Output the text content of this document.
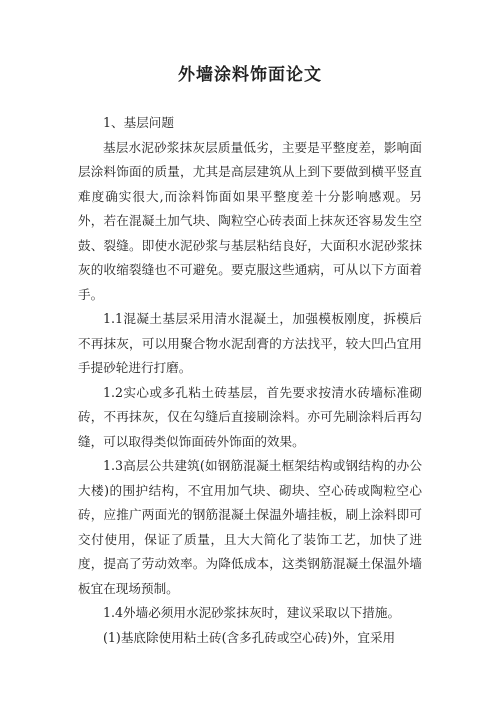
外墙涂料饰面论文

1、基层问题

基层水泥砂浆抹灰层质量低劣，主要是平整度差，影响面层涂料饰面的质量，尤其是高层建筑从上到下要做到横平竖直难度确实很大,而涂料饰面如果平整度差十分影响感观。另外，若在混凝土加气块、陶粒空心砖表面上抹灰还容易发生空鼓、裂缝。即使水泥砂浆与基层粘结良好，大面积水泥砂浆抹灰的收缩裂缝也不可避免。要克服这些通病，可从以下方面着手。

1.1混凝土基层采用清水混凝土，加强模板刚度，拆模后不再抹灰，可以用聚合物水泥刮膏的方法找平，较大凹凸宜用手提砂轮进行打磨。

1.2实心或多孔粘土砖基层，首先要求按清水砖墙标准砌砖，不再抹灰，仅在勾缝后直接刷涂料。亦可先刷涂料后再勾缝，可以取得类似饰面砖外饰面的效果。

1.3高层公共建筑(如钢筋混凝土框架结构或钢结构的办公大楼)的围护结构，不宜用加气块、砌块、空心砖或陶粒空心砖，应推广两面光的钢筋混凝土保温外墙挂板，刷上涂料即可交付使用，保证了质量，且大大简化了装饰工艺，加快了进度，提高了劳动效率。为降低成本，这类钢筋混凝土保温外墙板宜在现场预制。

1.4外墙必须用水泥砂浆抹灰时，建议采取以下措施。

(1)基底除使用粘土砖(含多孔砖或空心砖)外，宜采用
